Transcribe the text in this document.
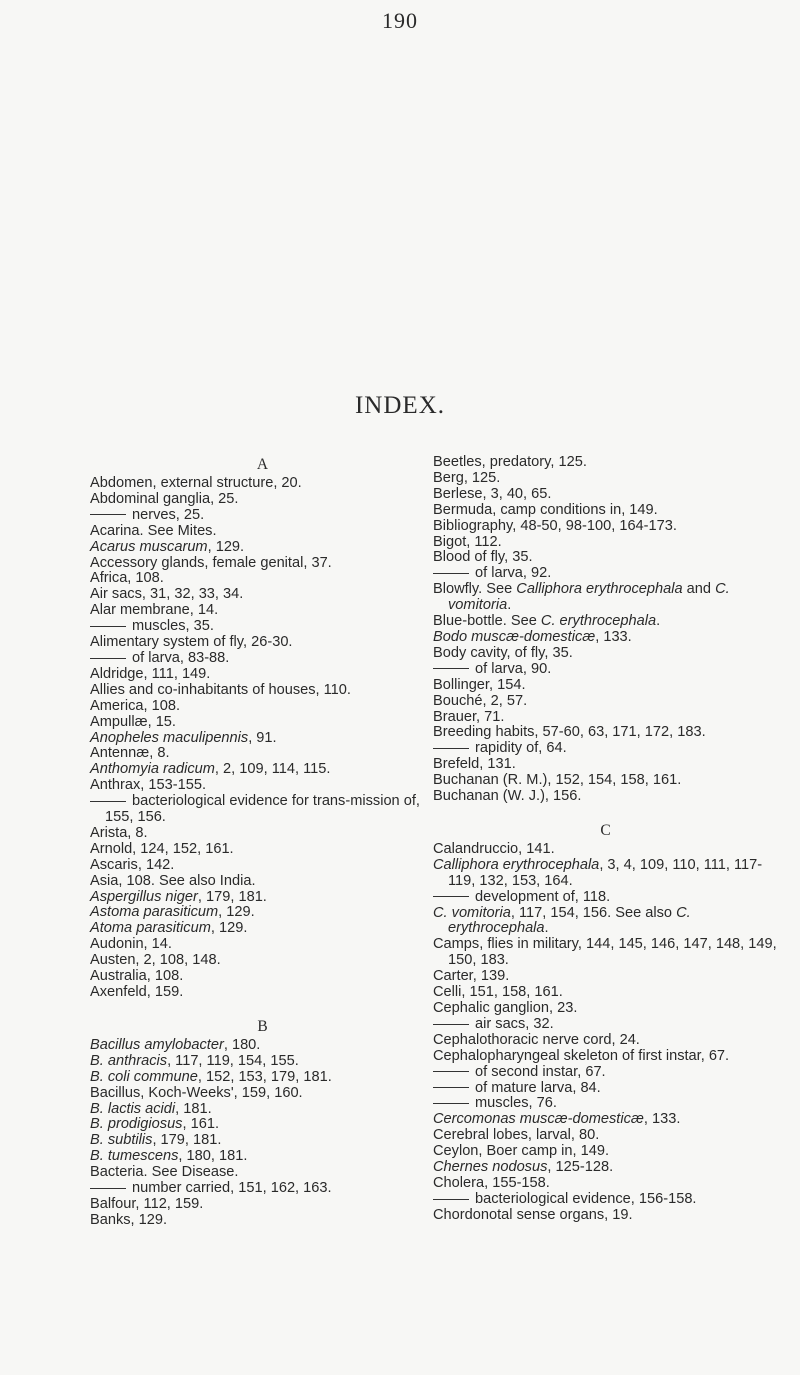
190
INDEX.
A
Abdomen, external structure, 20.
Abdominal ganglia, 25.
nerves, 25.
Acarina. See Mites.
Acarus muscarum, 129.
Accessory glands, female genital, 37.
Africa, 108.
Air sacs, 31, 32, 33, 34.
Alar membrane, 14.
muscles, 35.
Alimentary system of fly, 26-30.
of larva, 83-88.
Aldridge, 111, 149.
Allies and co-inhabitants of houses, 110.
America, 108.
Ampullæ, 15.
Anopheles maculipennis, 91.
Antennæ, 8.
Anthomyia radicum, 2, 109, 114, 115.
Anthrax, 153-155.
bacteriological evidence for trans-mission of, 155, 156.
Arista, 8.
Arnold, 124, 152, 161.
Ascaris, 142.
Asia, 108. See also India.
Aspergillus niger, 179, 181.
Astoma parasiticum, 129.
Atoma parasiticum, 129.
Audonin, 14.
Austen, 2, 108, 148.
Australia, 108.
Axenfeld, 159.
B
Bacillus amylobacter, 180.
B. anthracis, 117, 119, 154, 155.
B. coli commune, 152, 153, 179, 181.
Bacillus, Koch-Weeks', 159, 160.
B. lactis acidi, 181.
B. prodigiosus, 161.
B. subtilis, 179, 181.
B. tumescens, 180, 181.
Bacteria. See Disease.
number carried, 151, 162, 163.
Balfour, 112, 159.
Banks, 129.
Beetles, predatory, 125.
Berg, 125.
Berlese, 3, 40, 65.
Bermuda, camp conditions in, 149.
Bibliography, 48-50, 98-100, 164-173.
Bigot, 112.
Blood of fly, 35.
of larva, 92.
Blowfly. See Calliphora erythrocephala and C. vomitoria.
Blue-bottle. See C. erythrocephala.
Bodo muscæ-domesticæ, 133.
Body cavity, of fly, 35.
of larva, 90.
Bollinger, 154.
Bouché, 2, 57.
Brauer, 71.
Breeding habits, 57-60, 63, 171, 172, 183.
rapidity of, 64.
Brefeld, 131.
Buchanan (R. M.), 152, 154, 158, 161.
Buchanan (W. J.), 156.
C
Calandruccio, 141.
Calliphora erythrocephala, 3, 4, 109, 110, 111, 117-119, 132, 153, 164.
development of, 118.
C. vomitoria, 117, 154, 156. See also C. erythrocephala.
Camps, flies in military, 144, 145, 146, 147, 148, 149, 150, 183.
Carter, 139.
Celli, 151, 158, 161.
Cephalic ganglion, 23.
air sacs, 32.
Cephalothoracic nerve cord, 24.
Cephalopharyngeal skeleton of first instar, 67.
of second instar, 67.
of mature larva, 84.
muscles, 76.
Cercomonas muscæ-domesticæ, 133.
Cerebral lobes, larval, 80.
Ceylon, Boer camp in, 149.
Chernes nodosus, 125-128.
Cholera, 155-158.
bacteriological evidence, 156-158.
Chordonotal sense organs, 19.
